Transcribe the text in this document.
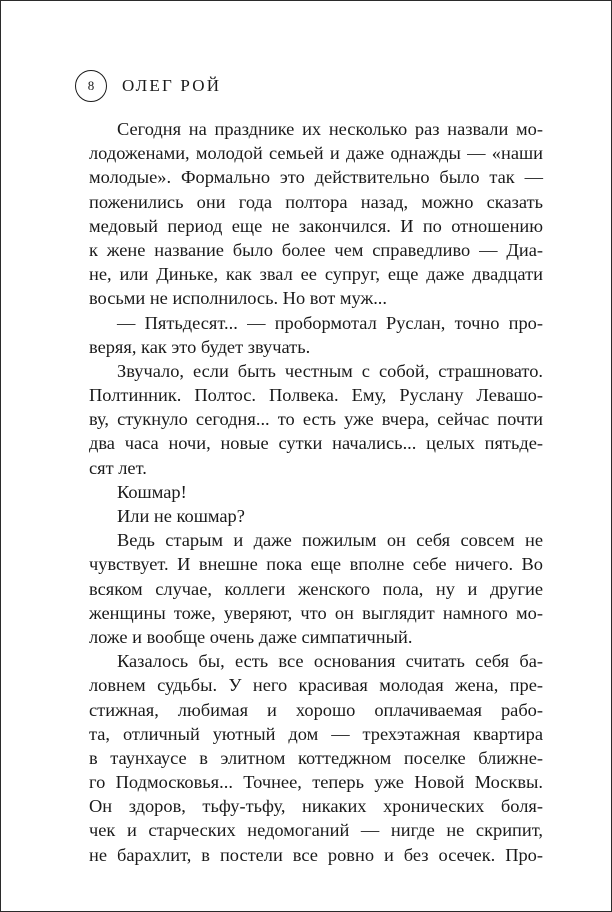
8	ОЛЕГ РОЙ
Сегодня на празднике их несколько раз назвали мо-
лодоженами, молодой семьей и даже однажды — «наши
молодые». Формально это действительно было так —
поженились они года полтора назад, можно сказать
медовый период еще не закончился. И по отношению
к жене название было более чем справедливо — Диа-
не, или Диньке, как звал ее супруг, еще даже двадцати
восьми не исполнилось. Но вот муж...
— Пятьдесят... — пробормотал Руслан, точно про-
веряя, как это будет звучать.
Звучало, если быть честным с собой, страшновато.
Полтинник. Полтос. Полвека. Ему, Руслану Левашо-
ву, стукнуло сегодня... то есть уже вчера, сейчас почти
два часа ночи, новые сутки начались... целых пятьде-
сят лет.
Кошмар!
Или не кошмар?
Ведь старым и даже пожилым он себя совсем не
чувствует. И внешне пока еще вполне себе ничего. Во
всяком случае, коллеги женского пола, ну и другие
женщины тоже, уверяют, что он выглядит намного мо-
ложе и вообще очень даже симпатичный.
Казалось бы, есть все основания считать себя ба-
ловнем судьбы. У него красивая молодая жена, пре-
стижная, любимая и хорошо оплачиваемая рабо-
та, отличный уютный дом — трехэтажная квартира
в таунхаусе в элитном коттеджном поселке ближне-
го Подмосковья... Точнее, теперь уже Новой Москвы.
Он здоров, тьфу-тьфу, никаких хронических боля-
чек и старческих недомоганий — нигде не скрипит,
не барахлит, в постели все ровно и без осечек. Про-
